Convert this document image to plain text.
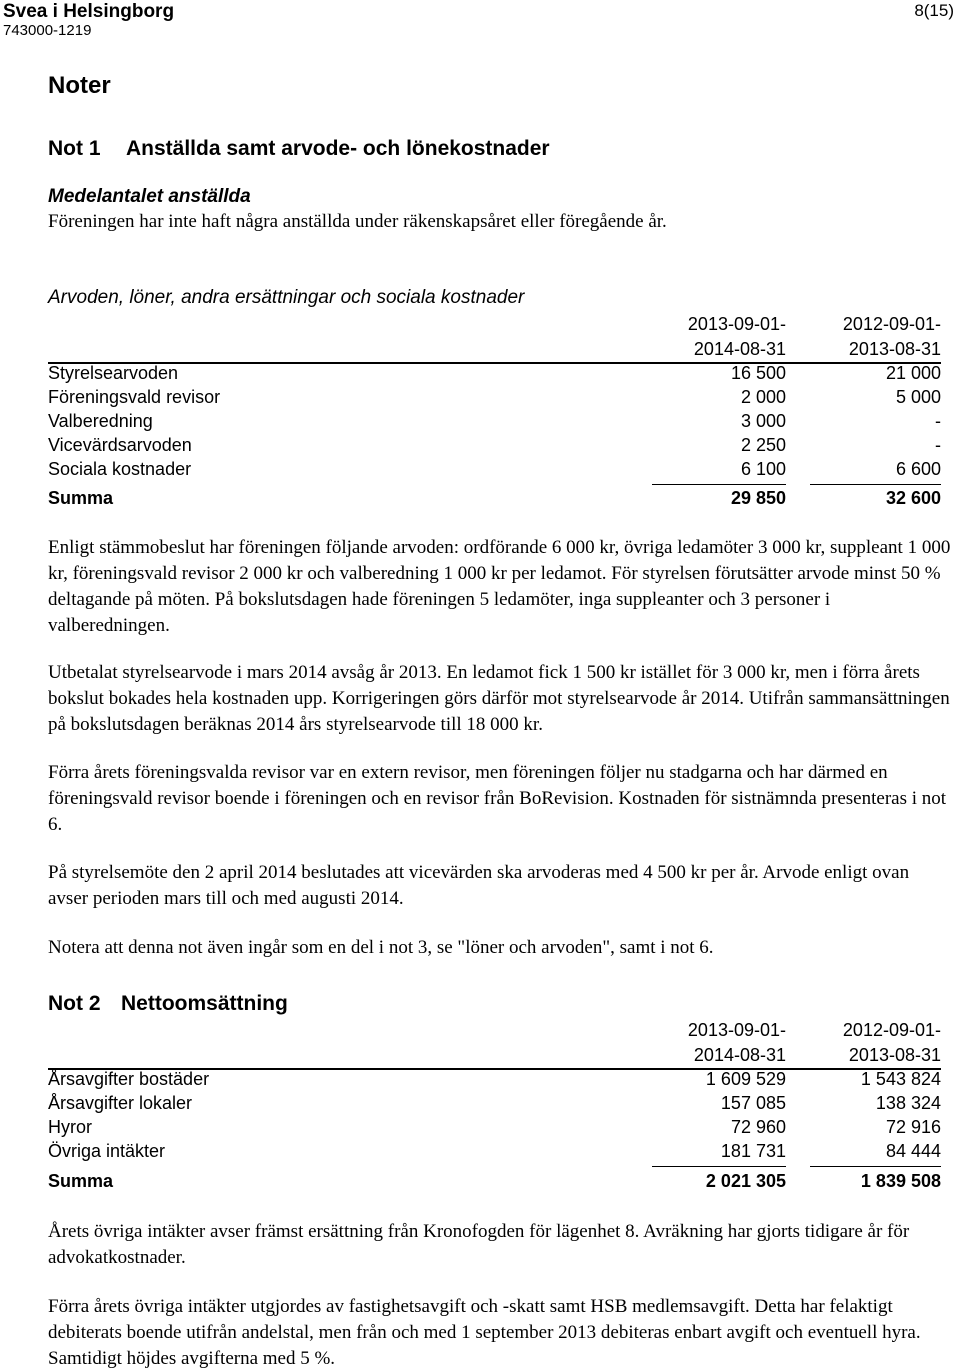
Svea i Helsingborg
743000-1219
8(15)
Noter
Not 1 Anställda samt arvode- och lönekostnader
Medelantalet anställda
Föreningen har inte haft några anställda under räkenskapsåret eller föregående år.
Arvoden, löner, andra ersättningar och sociala kostnader
2013-09-01-
2014-08-31
2012-09-01-
2013-08-31
Styrelsearvoden	16 500	21 000
Föreningsvald revisor	2 000	5 000
Valberedning	3 000	-
Vicevärdsarvoden	2 250	-
Sociala kostnader	6 100	6 600
Summa	29 850	32 600
Enligt stämmobeslut har föreningen följande arvoden: ordförande 6 000 kr, övriga ledamöter 3 000 kr, suppleant 1 000 kr, föreningsvald revisor 2 000 kr och valberedning 1 000 kr per ledamot. För styrelsen förutsätter arvode minst 50 % deltagande på möten. På bokslutsdagen hade föreningen 5 ledamöter, inga suppleanter och 3 personer i valberedningen.
Utbetalat styrelsearvode i mars 2014 avsåg år 2013. En ledamot fick 1 500 kr istället för 3 000 kr, men i förra årets bokslut bokades hela kostnaden upp. Korrigeringen görs därför mot styrelsearvode år 2014. Utifrån sammansättningen på bokslutsdagen beräknas 2014 års styrelsearvode till 18 000 kr.
Förra årets föreningsvalda revisor var en extern revisor, men föreningen följer nu stadgarna och har därmed en föreningsvald revisor boende i föreningen och en revisor från BoRevision. Kostnaden för sistnämnda presenteras i not 6.
På styrelsemöte den 2 april 2014 beslutades att vicevärden ska arvoderas med 4 500 kr per år. Arvode enligt ovan avser perioden mars till och med augusti 2014.
Notera att denna not även ingår som en del i not 3, se "löner och arvoden", samt i not 6.
Not 2 Nettoomsättning
2013-09-01-
2014-08-31
2012-09-01-
2013-08-31
Årsavgifter bostäder	1 609 529	1 543 824
Årsavgifter lokaler	157 085	138 324
Hyror	72 960	72 916
Övriga intäkter	181 731	84 444
Summa	2 021 305	1 839 508
Årets övriga intäkter avser främst ersättning från Kronofogden för lägenhet 8. Avräkning har gjorts tidigare år för advokatkostnader.
Förra årets övriga intäkter utgjordes av fastighetsavgift och -skatt samt HSB medlemsavgift. Detta har felaktigt debiterats boende utifrån andelstal, men från och med 1 september 2013 debiteras enbart avgift och eventuell hyra. Samtidigt höjdes avgifterna med 5 %.
